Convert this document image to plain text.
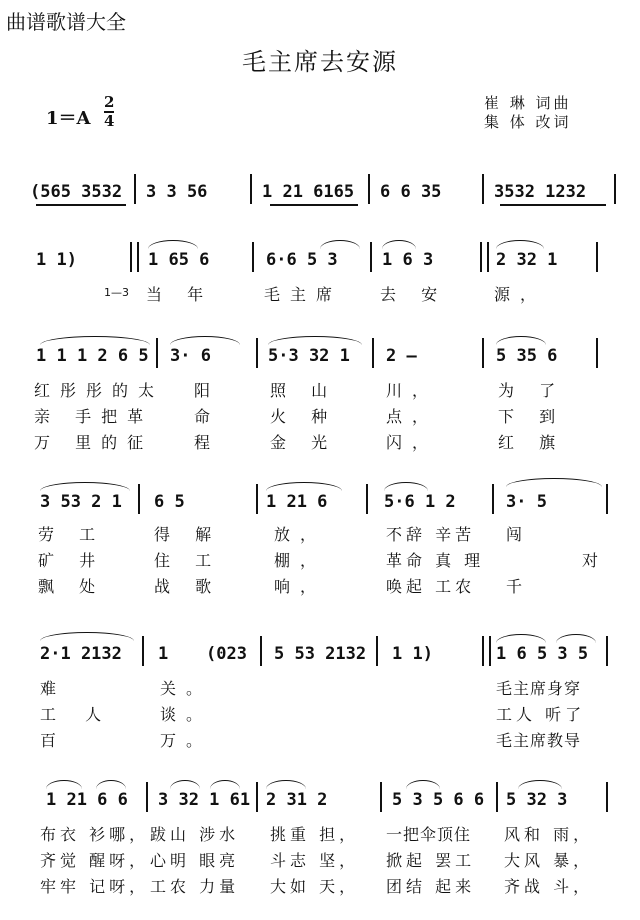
曲谱歌谱大全
毛主席去安源
$1=A \frac{2}{4}$	崔 琳 词曲
集 体 改词
(565 3532 3 3 56	1 21 6165 6 6 35	3532 1232
1 1)	1 65 6	6·6 5 3	1 6 3	2 32 1
1—3 当 年	毛主席 去 安	源，
1 1 1 2 6 5 3· 6	5·3 32 1 2 —	5 35 6
红彤彤的太 阳	照 山	川，	为 了
亲 手把革	命	火 种	点，	下 到
万 里的征	程	金 光	闪，	红 旗
3 53 2 1 6 5	1 21 6	5·6 1 2	3· 5
劳 工	得 解	放，	不辞 辛苦 闯
矿 井	住 工	棚，	革命 真 理	对
飘 处	战 歌	响，	唤起 工农 千
2·1 2132 1 (023 5 53 2132 1 1)	1 6 5 3 5
难	关。	毛主席身穿
工 人	谈。	工人 听了
百	万。	毛主席教导
1 21 6 6 3 32 1 61 2 31 2	5 3 5 6 6 5 32 3
布衣 衫哪， 跋山 涉水 挑重 担， 一把伞顶住 风和 雨，
齐觉 醒呀， 心明 眼亮 斗志 坚， 掀起 罢工 大风 暴，
牢牢 记呀， 工农 力量 大如 天， 团结 起来 齐战 斗，
